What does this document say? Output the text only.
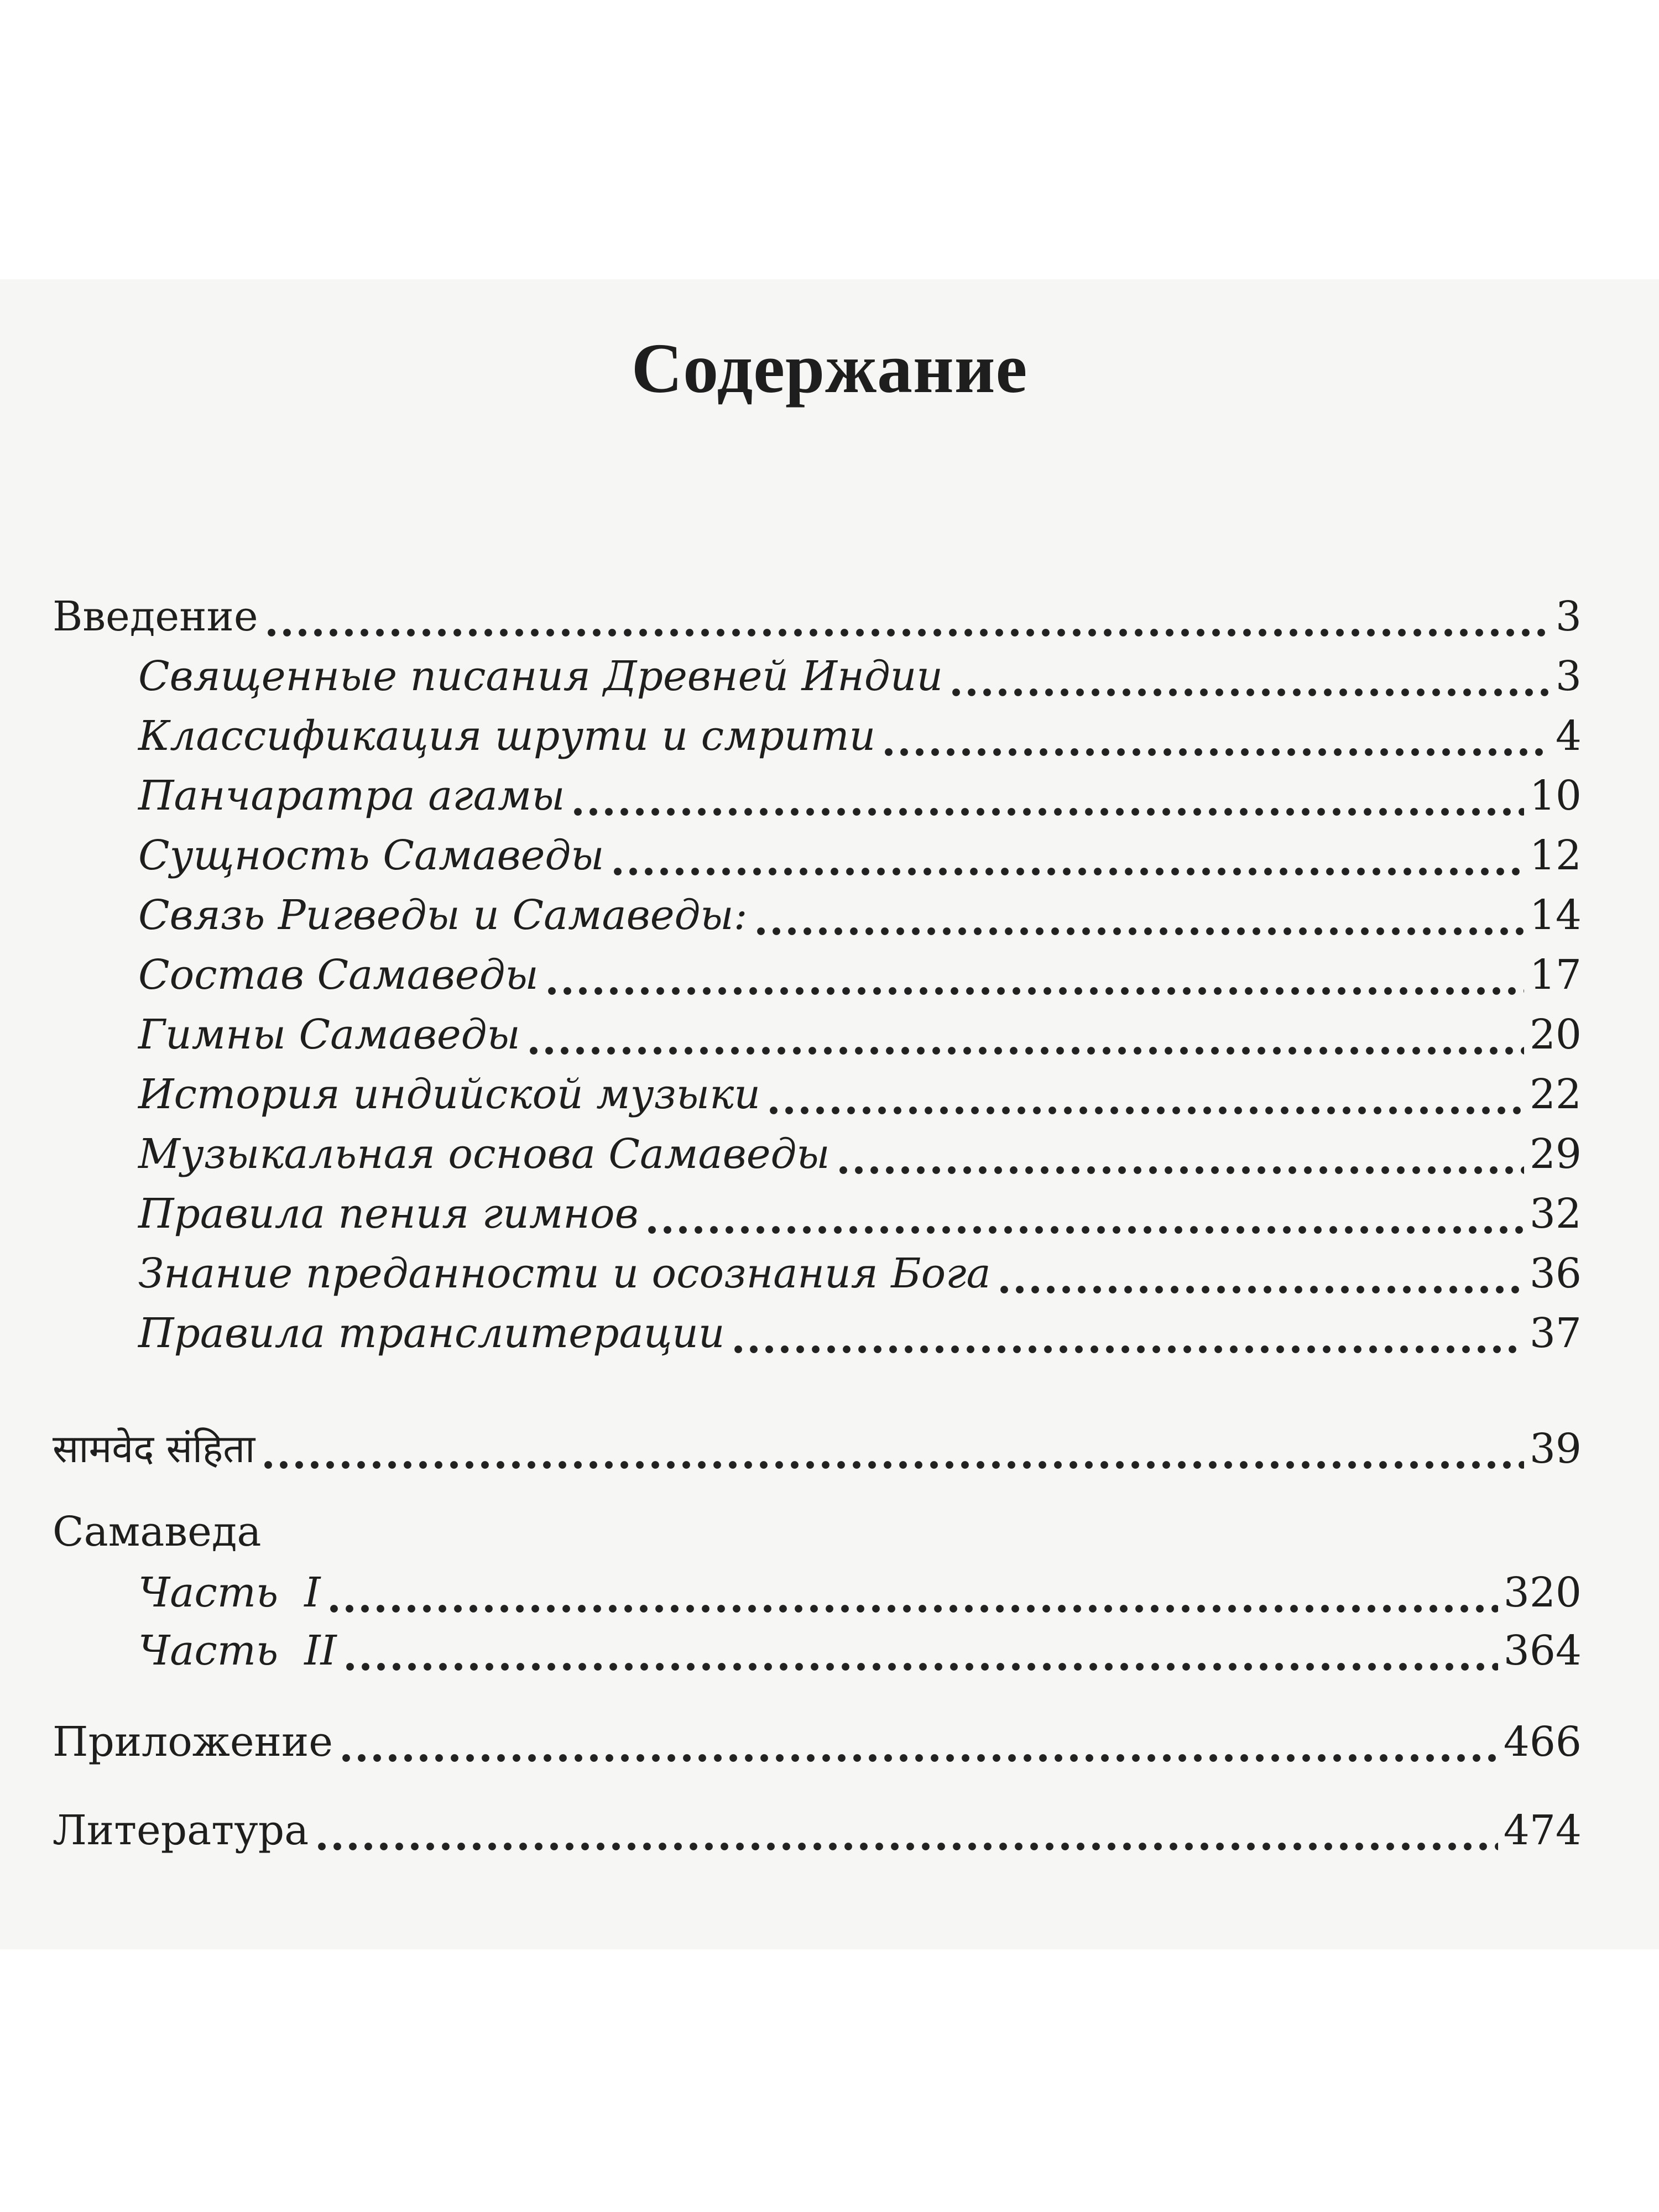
Содержание
Введение	3
Священные писания Древней Индии	3
Классификация шрути и смрити	4
Панчаратра агамы	10
Сущность Самаведы	12
Связь Ригведы и Самаведы:	14
Состав Самаведы	17
Гимны Самаведы	20
История индийской музыки	22
Музыкальная основа Самаведы	29
Правила пения гимнов	32
Знание преданности и осознания Бога	36
Правила транслитерации	37
सामवेद संहिता	39
Самаведа
Часть  I	320
Часть  II	364
Приложение	466
Литература	474
